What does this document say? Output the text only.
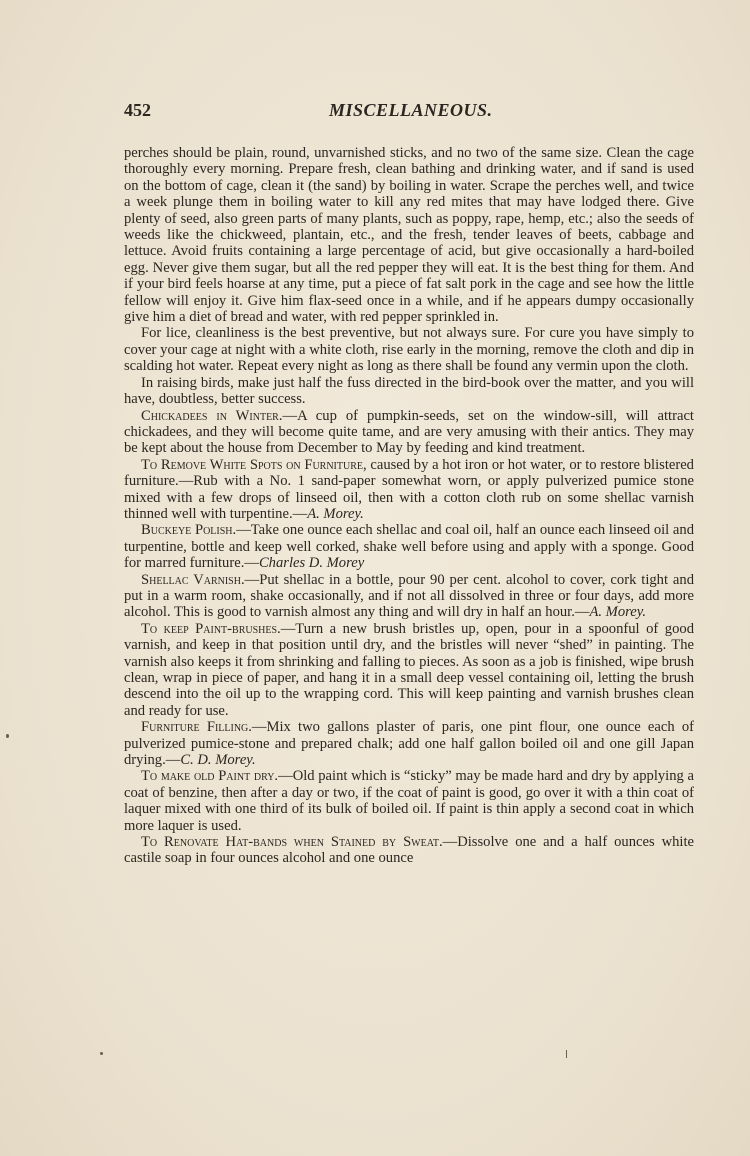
452	MISCELLANEOUS.

perches should be plain, round, unvarnished sticks, and no two of the same size. Clean the cage thoroughly every morning. Prepare fresh, clean bathing and drinking water, and if sand is used on the bottom of cage, clean it (the sand) by boiling in water. Scrape the perches well, and twice a week plunge them in boiling water to kill any red mites that may have lodged there. Give plenty of seed, also green parts of many plants, such as poppy, rape, hemp, etc.; also the seeds of weeds like the chickweed, plantain, etc., and the fresh, tender leaves of beets, cabbage and lettuce. Avoid fruits containing a large percentage of acid, but give occasionally a hard-boiled egg. Never give them sugar, but all the red pepper they will eat. It is the best thing for them. And if your bird feels hoarse at any time, put a piece of fat salt pork in the cage and see how the little fellow will enjoy it. Give him flax-seed once in a while, and if he appears dumpy occasionally give him a diet of bread and water, with red pepper sprinkled in.

For lice, cleanliness is the best preventive, but not always sure. For cure you have simply to cover your cage at night with a white cloth, rise early in the morning, remove the cloth and dip in scalding hot water. Repeat every night as long as there shall be found any vermin upon the cloth.

In raising birds, make just half the fuss directed in the bird-book over the matter, and you will have, doubtless, better success.

Chickadees in Winter.—A cup of pumpkin-seeds, set on the window-sill, will attract chickadees, and they will become quite tame, and are very amusing with their antics. They may be kept about the house from December to May by feeding and kind treatment.

To Remove White Spots on Furniture, caused by a hot iron or hot water, or to restore blistered furniture.—Rub with a No. 1 sand-paper somewhat worn, or apply pulverized pumice stone mixed with a few drops of linseed oil, then with a cotton cloth rub on some shellac varnish thinned well with turpentine.—A. Morey.

Buckeye Polish.—Take one ounce each shellac and coal oil, half an ounce each linseed oil and turpentine, bottle and keep well corked, shake well before using and apply with a sponge. Good for marred furniture.—Charles D. Morey

Shellac Varnish.—Put shellac in a bottle, pour 90 per cent. alcohol to cover, cork tight and put in a warm room, shake occasionally, and if not all dissolved in three or four days, add more alcohol. This is good to varnish almost any thing and will dry in half an hour.—A. Morey.

To keep Paint-brushes.—Turn a new brush bristles up, open, pour in a spoonful of good varnish, and keep in that position until dry, and the bristles will never “shed” in painting. The varnish also keeps it from shrinking and falling to pieces. As soon as a job is finished, wipe brush clean, wrap in piece of paper, and hang it in a small deep vessel containing oil, letting the brush descend into the oil up to the wrapping cord. This will keep painting and varnish brushes clean and ready for use.

Furniture Filling.—Mix two gallons plaster of paris, one pint flour, one ounce each of pulverized pumice-stone and prepared chalk; add one half gallon boiled oil and one gill Japan drying.—C. D. Morey.

To make old Paint dry.—Old paint which is “sticky” may be made hard and dry by applying a coat of benzine, then after a day or two, if the coat of paint is good, go over it with a thin coat of laquer mixed with one third of its bulk of boiled oil. If paint is thin apply a second coat in which more laquer is used.

To Renovate Hat-bands when Stained by Sweat.—Dissolve one and a half ounces white castile soap in four ounces alcohol and one ounce
